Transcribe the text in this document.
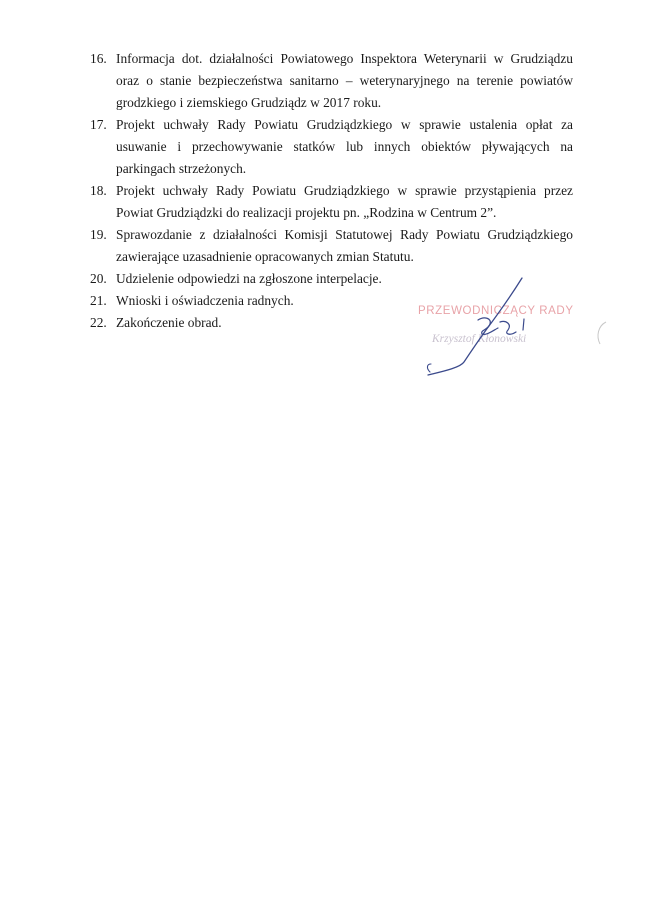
16. Informacja dot. działalności Powiatowego Inspektora Weterynarii w Grudziądzu oraz o stanie bezpieczeństwa sanitarno – weterynaryjnego na terenie powiatów grodzkiego i ziemskiego Grudziądz w 2017 roku.
17. Projekt uchwały Rady Powiatu Grudziądzkiego w sprawie ustalenia opłat za usuwanie i przechowywanie statków lub innych obiektów pływających na parkingach strzeżonych.
18. Projekt uchwały Rady Powiatu Grudziądzkiego w sprawie przystąpienia przez Powiat Grudziądzki do realizacji projektu pn. „Rodzina w Centrum 2”.
19. Sprawozdanie z działalności Komisji Statutowej Rady Powiatu Grudziądzkiego zawierające uzasadnienie opracowanych zmian Statutu.
20. Udzielenie odpowiedzi na zgłoszone interpelacje.
21. Wnioski i oświadczenia radnych.
22. Zakończenie obrad.
PRZEWODNICZĄCY RADY
Krzysztof Kłonowski
